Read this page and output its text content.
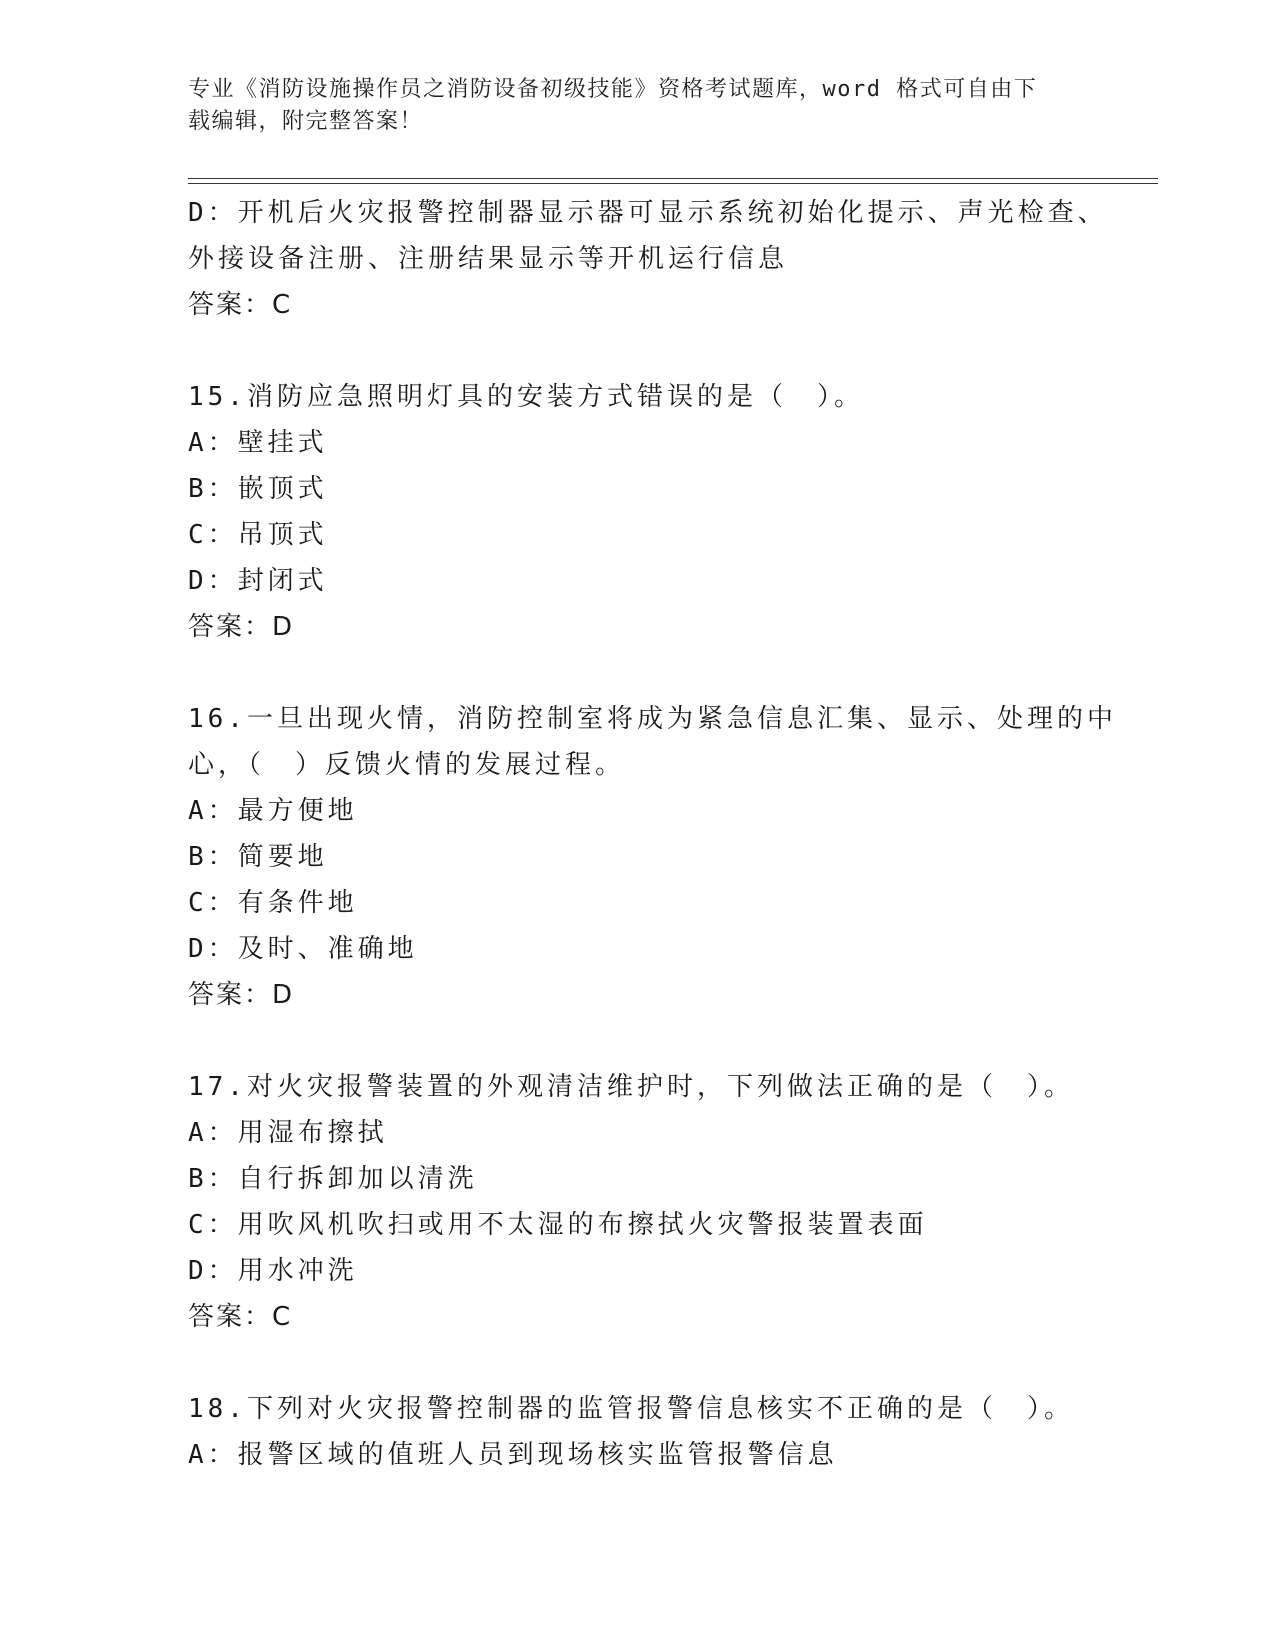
专业《消防设施操作员之消防设备初级技能》资格考试题库，word 格式可自由下
载编辑，附完整答案！
D：开机后火灾报警控制器显示器可显示系统初始化提示、声光检查、
外接设备注册、注册结果显示等开机运行信息
答案：C
15.消防应急照明灯具的安装方式错误的是（　）。
A：壁挂式
B：嵌顶式
C：吊顶式
D：封闭式
答案：D
16.一旦出现火情，消防控制室将成为紧急信息汇集、显示、处理的中
心，（　）反馈火情的发展过程。
A：最方便地
B：简要地
C：有条件地
D：及时、准确地
答案：D
17.对火灾报警装置的外观清洁维护时，下列做法正确的是（　）。
A：用湿布擦拭
B：自行拆卸加以清洗
C：用吹风机吹扫或用不太湿的布擦拭火灾警报装置表面
D：用水冲洗
答案：C
18.下列对火灾报警控制器的监管报警信息核实不正确的是（　）。
A：报警区域的值班人员到现场核实监管报警信息
